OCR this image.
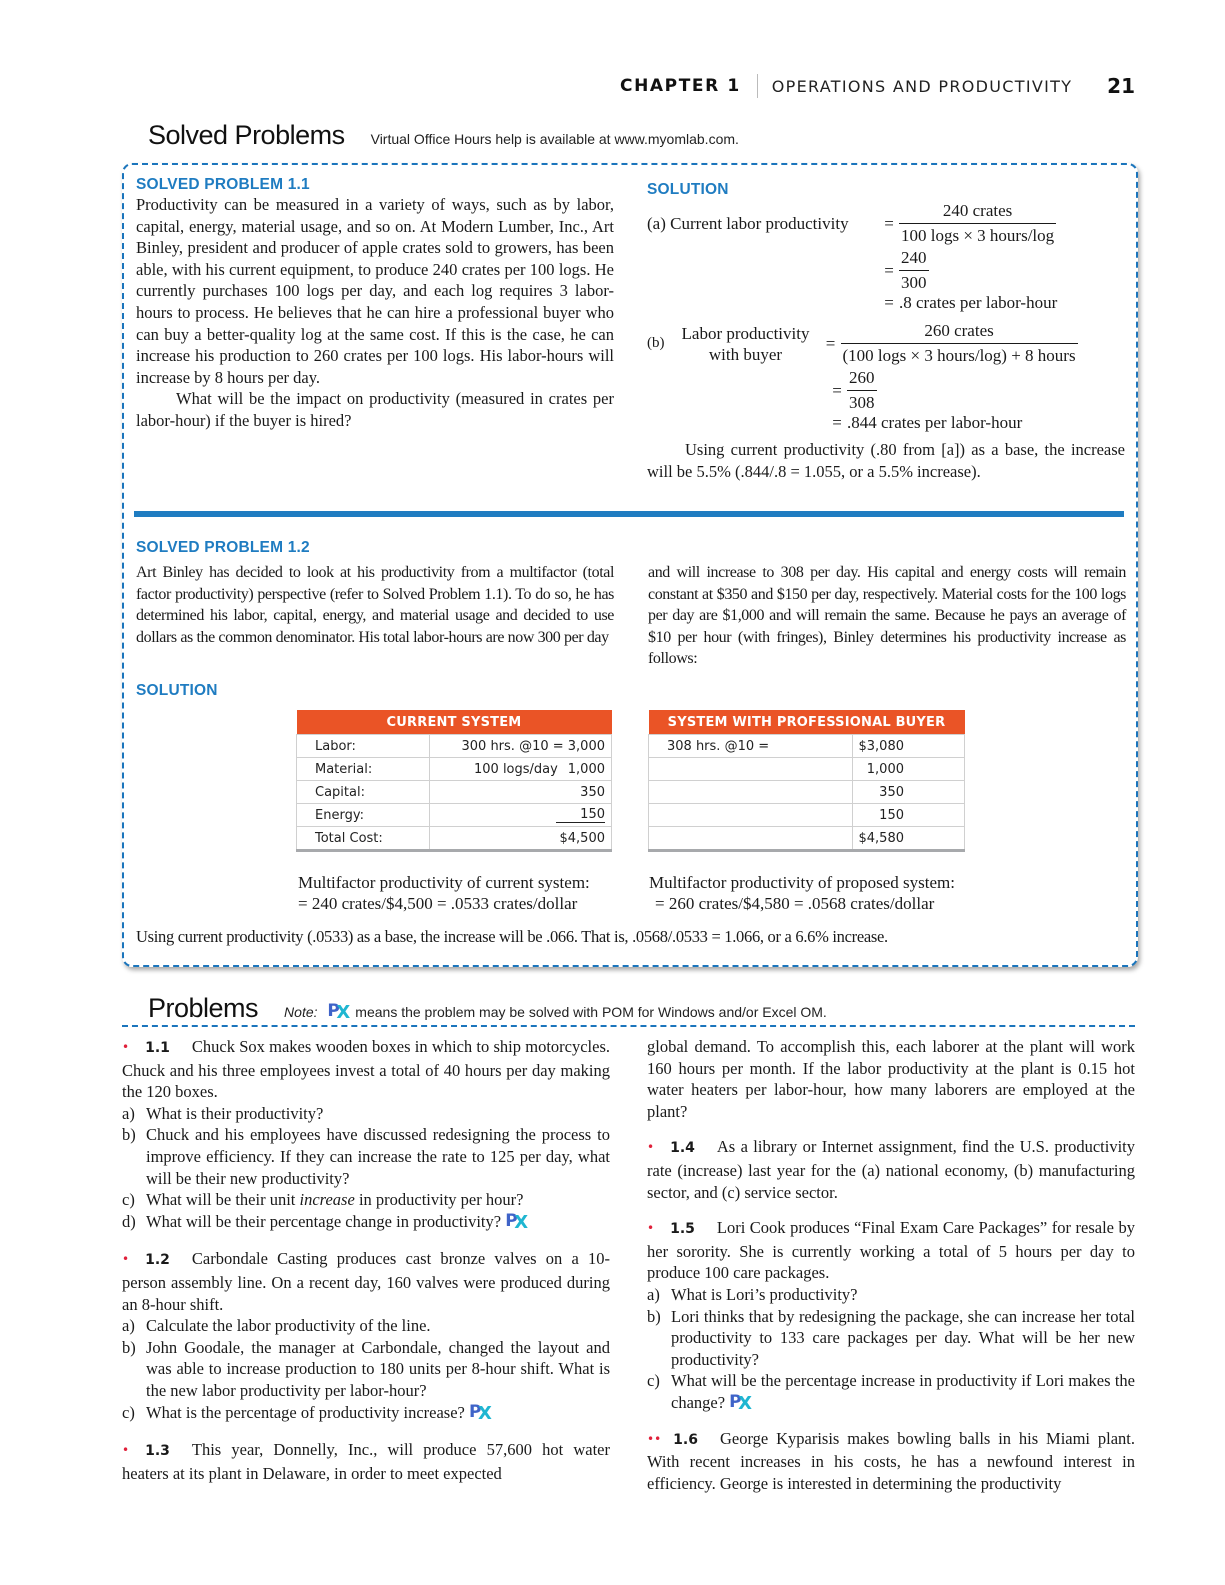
CHAPTER 1 OPERATIONS AND PRODUCTIVITY	21
Solved Problems Virtual Office Hours help is available at www.myomlab.com.
SOLVED PROBLEM 1.1
Productivity can be measured in a variety of ways, such as by labor, capital, energy, material usage, and so on. At Modern Lumber, Inc., Art Binley, president and producer of apple crates sold to growers, has been able, with his current equipment, to produce 240 crates per 100 logs. He currently purchases 100 logs per day, and each log requires 3 labor-hours to process. He believes that he can hire a professional buyer who can buy a better-quality log at the same cost. If this is the case, he can increase his production to 260 crates per 100 logs. His labor-hours will increase by 8 hours per day.
What will be the impact on productivity (measured in crates per labor-hour) if the buyer is hired?
SOLUTION
(a) Current labor productivity	= $\frac{\text{240 crates}}{\text{100 logs × 3 hours/log}}$
= $\frac{240}{300}$
= .8 crates per labor-hour
(b)
Labor productivity
with buyer
= $\frac{\text{260 crates}}{\text{(100 logs × 3 hours/log) + 8 hours}}$
= $\frac{260}{308}$
= .844 crates per labor-hour
Using current productivity (.80 from [a]) as a base, the increase will be 5.5% (.844/.8 = 1.055, or a 5.5% increase).
SOLVED PROBLEM 1.2
Art Binley has decided to look at his productivity from a multifactor (total factor productivity) perspective (refer to Solved Problem 1.1). To do so, he has determined his labor, capital, energy, and material usage and decided to use dollars as the common denominator. His total labor-hours are now 300 per day
and will increase to 308 per day. His capital and energy costs will remain constant at $350 and $150 per day, respectively. Material costs for the 100 logs per day are $1,000 and will remain the same. Because he pays an average of $10 per hour (with fringes), Binley determines his productivity increase as follows:
SOLUTION
CURRENT SYSTEM	
Labor:	300 hrs. @10 = 3,000
Material:	100 logs/day 1,000

Capital:	350
Energy:	150
Total Cost:	$4,500
SYSTEM WITH PROFESSIONAL BUYER	
308 hrs. @10 =	$3,080
	1,000
	350
	150
	$4,580
Multifactor productivity of current system:
= 240 crates/$4,500 = .0533 crates/dollar
Multifactor productivity of proposed system:
= 260 crates/$4,580 = .0568 crates/dollar
Using current productivity (.0533) as a base, the increase will be .066. That is, .0568/.0533 = 1.066, or a 6.6% increase.
Problems Note: P
X means the problem may be solved with POM for Windows and/or Excel OM.
• 1.1 Chuck Sox makes wooden boxes in which to ship motorcycles. Chuck and his three employees invest a total of 40 hours per day making the 120 boxes.
a) What is their productivity?
b) Chuck and his employees have discussed redesigning the process to improve efficiency. If they can increase the rate to 125 per day, what will be their new productivity?
c) What will be their unit increase in productivity per hour?
d) What will be their percentage change in productivity? P
X
• 1.2 Carbondale Casting produces cast bronze valves on a 10-person assembly line. On a recent day, 160 valves were produced during an 8-hour shift.
a) Calculate the labor productivity of the line.
b) John Goodale, the manager at Carbondale, changed the layout and was able to increase production to 180 units per 8-hour shift. What is the new labor productivity per labor-hour?
c) What is the percentage of productivity increase? P
X
• 1.3 This year, Donnelly, Inc., will produce 57,600 hot water heaters at its plant in Delaware, in order to meet expected
global demand. To accomplish this, each laborer at the plant will work 160 hours per month. If the labor productivity at the plant is 0.15 hot water heaters per labor-hour, how many laborers are employed at the plant?
• 1.4 As a library or Internet assignment, find the U.S. productivity rate (increase) last year for the (a) national economy, (b) manufacturing sector, and (c) service sector.
• 1.5 Lori Cook produces “Final Exam Care Packages” for resale by her sorority. She is currently working a total of 5 hours per day to produce 100 care packages.
a) What is Lori’s productivity?
b) Lori thinks that by redesigning the package, she can increase her total productivity to 133 care packages per day. What will be her new productivity?
c) What will be the percentage increase in productivity if Lori makes the change? P
X
•• 1.6 George Kyparisis makes bowling balls in his Miami plant. With recent increases in his costs, he has a newfound interest in efficiency. George is interested in determining the productivity
